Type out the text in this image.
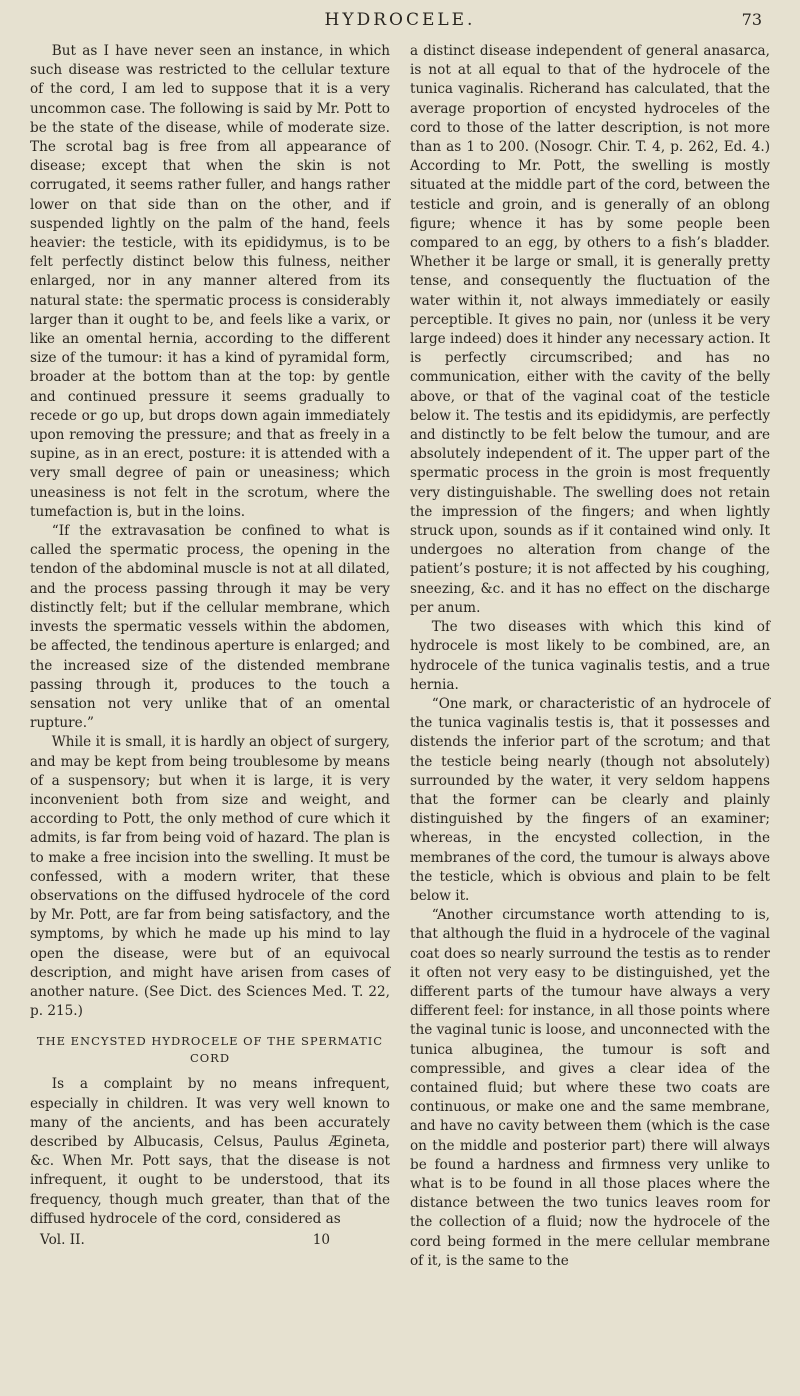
HYDROCELE.	73

But as I have never seen an instance, in which such disease was restricted to the cellular texture of the cord, I am led to suppose that it is a very uncommon case. The following is said by Mr. Pott to be the state of the disease, while of moderate size. The scrotal bag is free from all appearance of disease; except that when the skin is not corrugated, it seems rather fuller, and hangs rather lower on that side than on the other, and if suspended lightly on the palm of the hand, feels heavier: the testicle, with its epididymus, is to be felt perfectly distinct below this fulness, neither enlarged, nor in any manner altered from its natural state: the spermatic process is considerably larger than it ought to be, and feels like a varix, or like an omental hernia, according to the different size of the tumour: it has a kind of pyramidal form, broader at the bottom than at the top: by gentle and continued pressure it seems gradually to recede or go up, but drops down again immediately upon removing the pressure; and that as freely in a supine, as in an erect, posture: it is attended with a very small degree of pain or uneasiness; which uneasiness is not felt in the scrotum, where the tumefaction is, but in the loins.

“If the extravasation be confined to what is called the spermatic process, the opening in the tendon of the abdominal muscle is not at all dilated, and the process passing through it may be very distinctly felt; but if the cellular membrane, which invests the spermatic vessels within the abdomen, be affected, the tendinous aperture is enlarged; and the increased size of the distended membrane passing through it, produces to the touch a sensation not very unlike that of an omental rupture.”

While it is small, it is hardly an object of surgery, and may be kept from being troublesome by means of a suspensory; but when it is large, it is very inconvenient both from size and weight, and according to Pott, the only method of cure which it admits, is far from being void of hazard. The plan is to make a free incision into the swelling. It must be confessed, with a modern writer, that these observations on the diffused hydrocele of the cord by Mr. Pott, are far from being satisfactory, and the symptoms, by which he made up his mind to lay open the disease, were but of an equivocal description, and might have arisen from cases of another nature. (See Dict. des Sciences Med. T. 22, p. 215.)

THE ENCYSTED HYDROCELE OF THE SPERMATIC CORD

Is a complaint by no means infrequent, especially in children. It was very well known to many of the ancients, and has been accurately described by Albucasis, Celsus, Paulus Ægineta, &c. When Mr. Pott says, that the disease is not infrequent, it ought to be understood, that its frequency, though much greater, than that of the diffused hydrocele of the cord, considered as

Vol. II.	10

a distinct disease independent of general anasarca, is not at all equal to that of the hydrocele of the tunica vaginalis. Richerand has calculated, that the average proportion of encysted hydroceles of the cord to those of the latter description, is not more than as 1 to 200. (Nosogr. Chir. T. 4, p. 262, Ed. 4.) According to Mr. Pott, the swelling is mostly situated at the middle part of the cord, between the testicle and groin, and is generally of an oblong figure; whence it has by some people been compared to an egg, by others to a fish’s bladder. Whether it be large or small, it is generally pretty tense, and consequently the fluctuation of the water within it, not always immediately or easily perceptible. It gives no pain, nor (unless it be very large indeed) does it hinder any necessary action. It is perfectly circumscribed; and has no communication, either with the cavity of the belly above, or that of the vaginal coat of the testicle below it. The testis and its epididymis, are perfectly and distinctly to be felt below the tumour, and are absolutely independent of it. The upper part of the spermatic process in the groin is most frequently very distinguishable. The swelling does not retain the impression of the fingers; and when lightly struck upon, sounds as if it contained wind only. It undergoes no alteration from change of the patient’s posture; it is not affected by his coughing, sneezing, &c. and it has no effect on the discharge per anum.

The two diseases with which this kind of hydrocele is most likely to be combined, are, an hydrocele of the tunica vaginalis testis, and a true hernia.

“One mark, or characteristic of an hydrocele of the tunica vaginalis testis is, that it possesses and distends the inferior part of the scrotum; and that the testicle being nearly (though not absolutely) surrounded by the water, it very seldom happens that the former can be clearly and plainly distinguished by the fingers of an examiner; whereas, in the encysted collection, in the membranes of the cord, the tumour is always above the testicle, which is obvious and plain to be felt below it.

“Another circumstance worth attending to is, that although the fluid in a hydrocele of the vaginal coat does so nearly surround the testis as to render it often not very easy to be distinguished, yet the different parts of the tumour have always a very different feel: for instance, in all those points where the vaginal tunic is loose, and unconnected with the tunica albuginea, the tumour is soft and compressible, and gives a clear idea of the contained fluid; but where these two coats are continuous, or make one and the same membrane, and have no cavity between them (which is the case on the middle and posterior part) there will always be found a hardness and firmness very unlike to what is to be found in all those places where the distance between the two tunics leaves room for the collection of a fluid; now the hydrocele of the cord being formed in the mere cellular membrane of it, is the same to the
